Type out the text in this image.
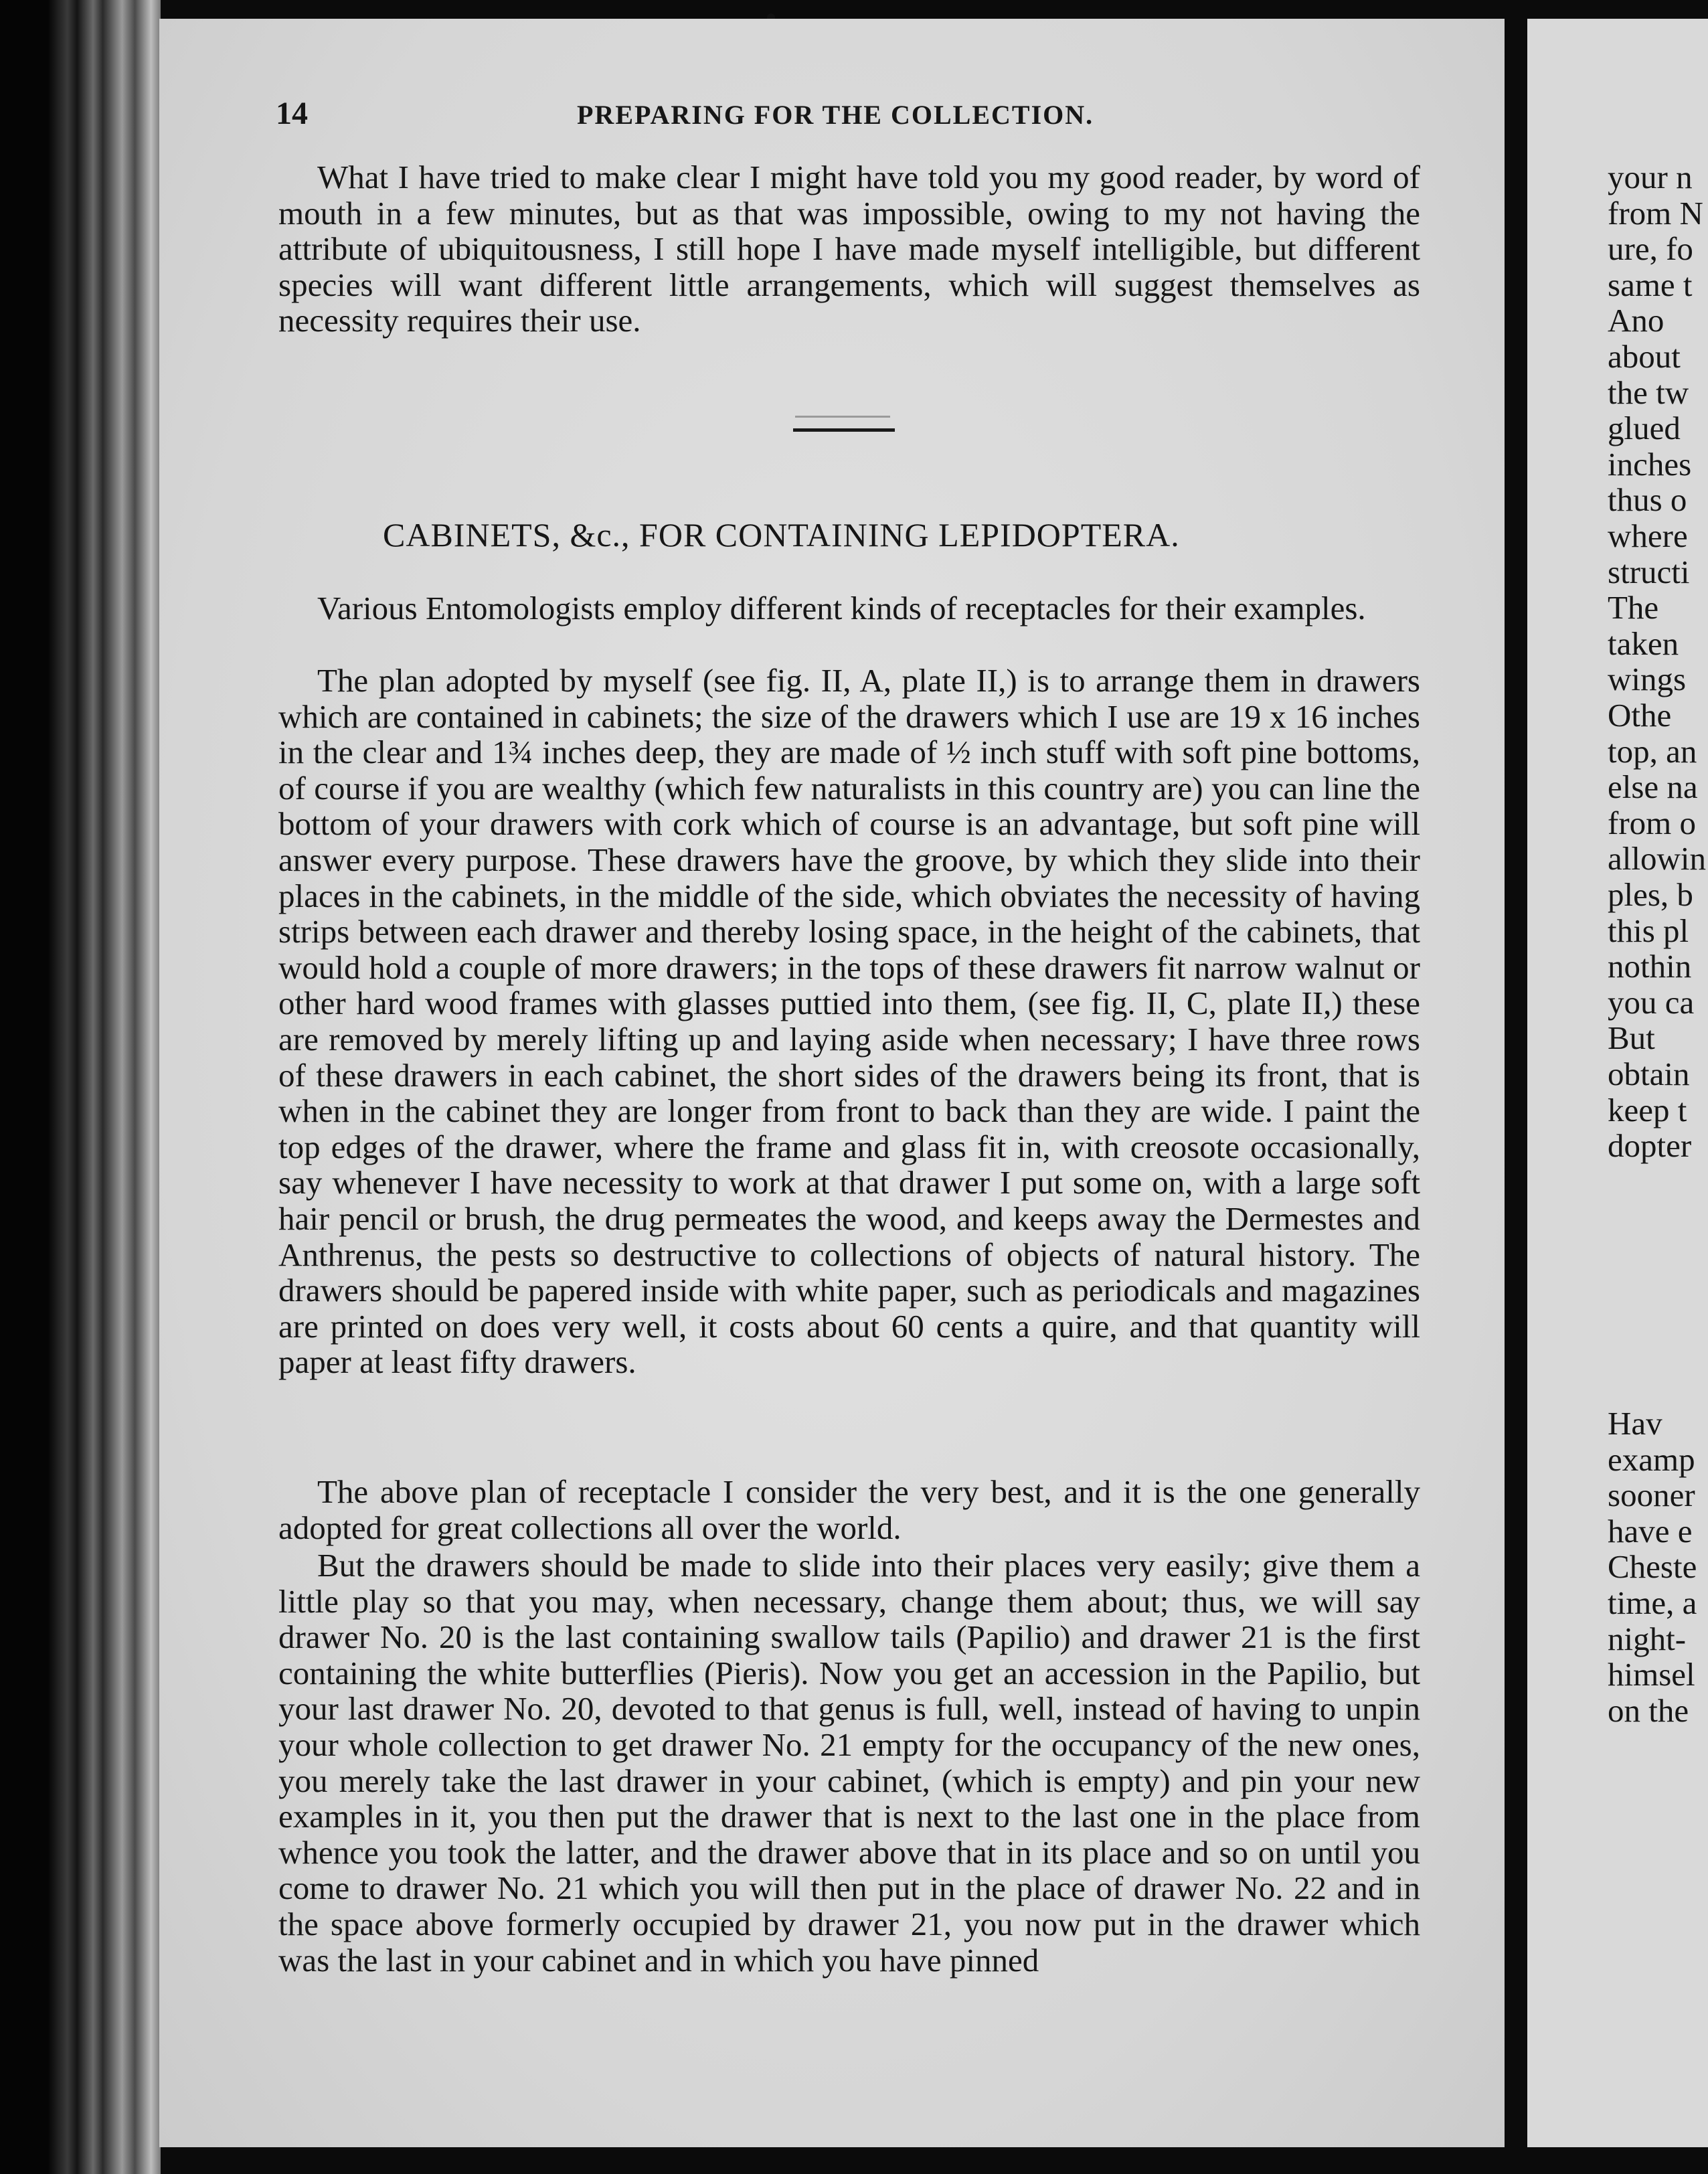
14	PREPARING FOR THE COLLECTION.

What I have tried to make clear I might have told you my good reader, by word of mouth in a few minutes, but as that was impossible, owing to my not having the attribute of ubiquitousness, I still hope I have made myself intelligible, but different species will want different little arrangements, which will suggest themselves as necessity requires their use.

CABINETS, &c., FOR CONTAINING LEPIDOPTERA.

Various Entomologists employ different kinds of receptacles for their examples.

The plan adopted by myself (see fig. II, A, plate II,) is to arrange them in drawers which are contained in cabinets; the size of the drawers which I use are 19 x 16 inches in the clear and 1¾ inches deep, they are made of ½ inch stuff with soft pine bottoms, of course if you are wealthy (which few naturalists in this country are) you can line the bottom of your drawers with cork which of course is an advantage, but soft pine will answer every purpose. These drawers have the groove, by which they slide into their places in the cabinets, in the middle of the side, which obviates the necessity of having strips between each drawer and thereby losing space, in the height of the cabinets, that would hold a couple of more drawers; in the tops of these drawers fit narrow walnut or other hard wood frames with glasses puttied into them, (see fig. II, C, plate II,) these are removed by merely lifting up and laying aside when necessary; I have three rows of these drawers in each cabinet, the short sides of the drawers being its front, that is when in the cabinet they are longer from front to back than they are wide. I paint the top edges of the drawer, where the frame and glass fit in, with creosote occasionally, say whenever I have necessity to work at that drawer I put some on, with a large soft hair pencil or brush, the drug permeates the wood, and keeps away the Dermestes and Anthrenus, the pests so destructive to collections of objects of natural history. The drawers should be papered inside with white paper, such as periodicals and magazines are printed on does very well, it costs about 60 cents a quire, and that quantity will paper at least fifty drawers.

The above plan of receptacle I consider the very best, and it is the one generally adopted for great collections all over the world.

But the drawers should be made to slide into their places very easily; give them a little play so that you may, when necessary, change them about; thus, we will say drawer No. 20 is the last containing swallow tails (Papilio) and drawer 21 is the first containing the white butterflies (Pieris). Now you get an accession in the Papilio, but your last drawer No. 20, devoted to that genus is full, well, instead of having to unpin your whole collection to get drawer No. 21 empty for the occupancy of the new ones, you merely take the last drawer in your cabinet, (which is empty) and pin your new examples in it, you then put the drawer that is next to the last one in the place from whence you took the latter, and the drawer above that in its place and so on until you come to drawer No. 21 which you will then put in the place of drawer No. 22 and in the space above formerly occupied by drawer 21, you now put in the drawer which was the last in your cabinet and in which you have pinned

your n

from N

ure, fo

same t

Ano

about

the tw

glued

inches

thus o

where

structi

The

taken

wings

Othe

top, an

else na

from o

allowin

ples, b

this pl

nothin

you ca

But

obtain

keep t

dopter

Hav

examp

sooner

have e

Cheste

time, a

night-

himsel

on the
